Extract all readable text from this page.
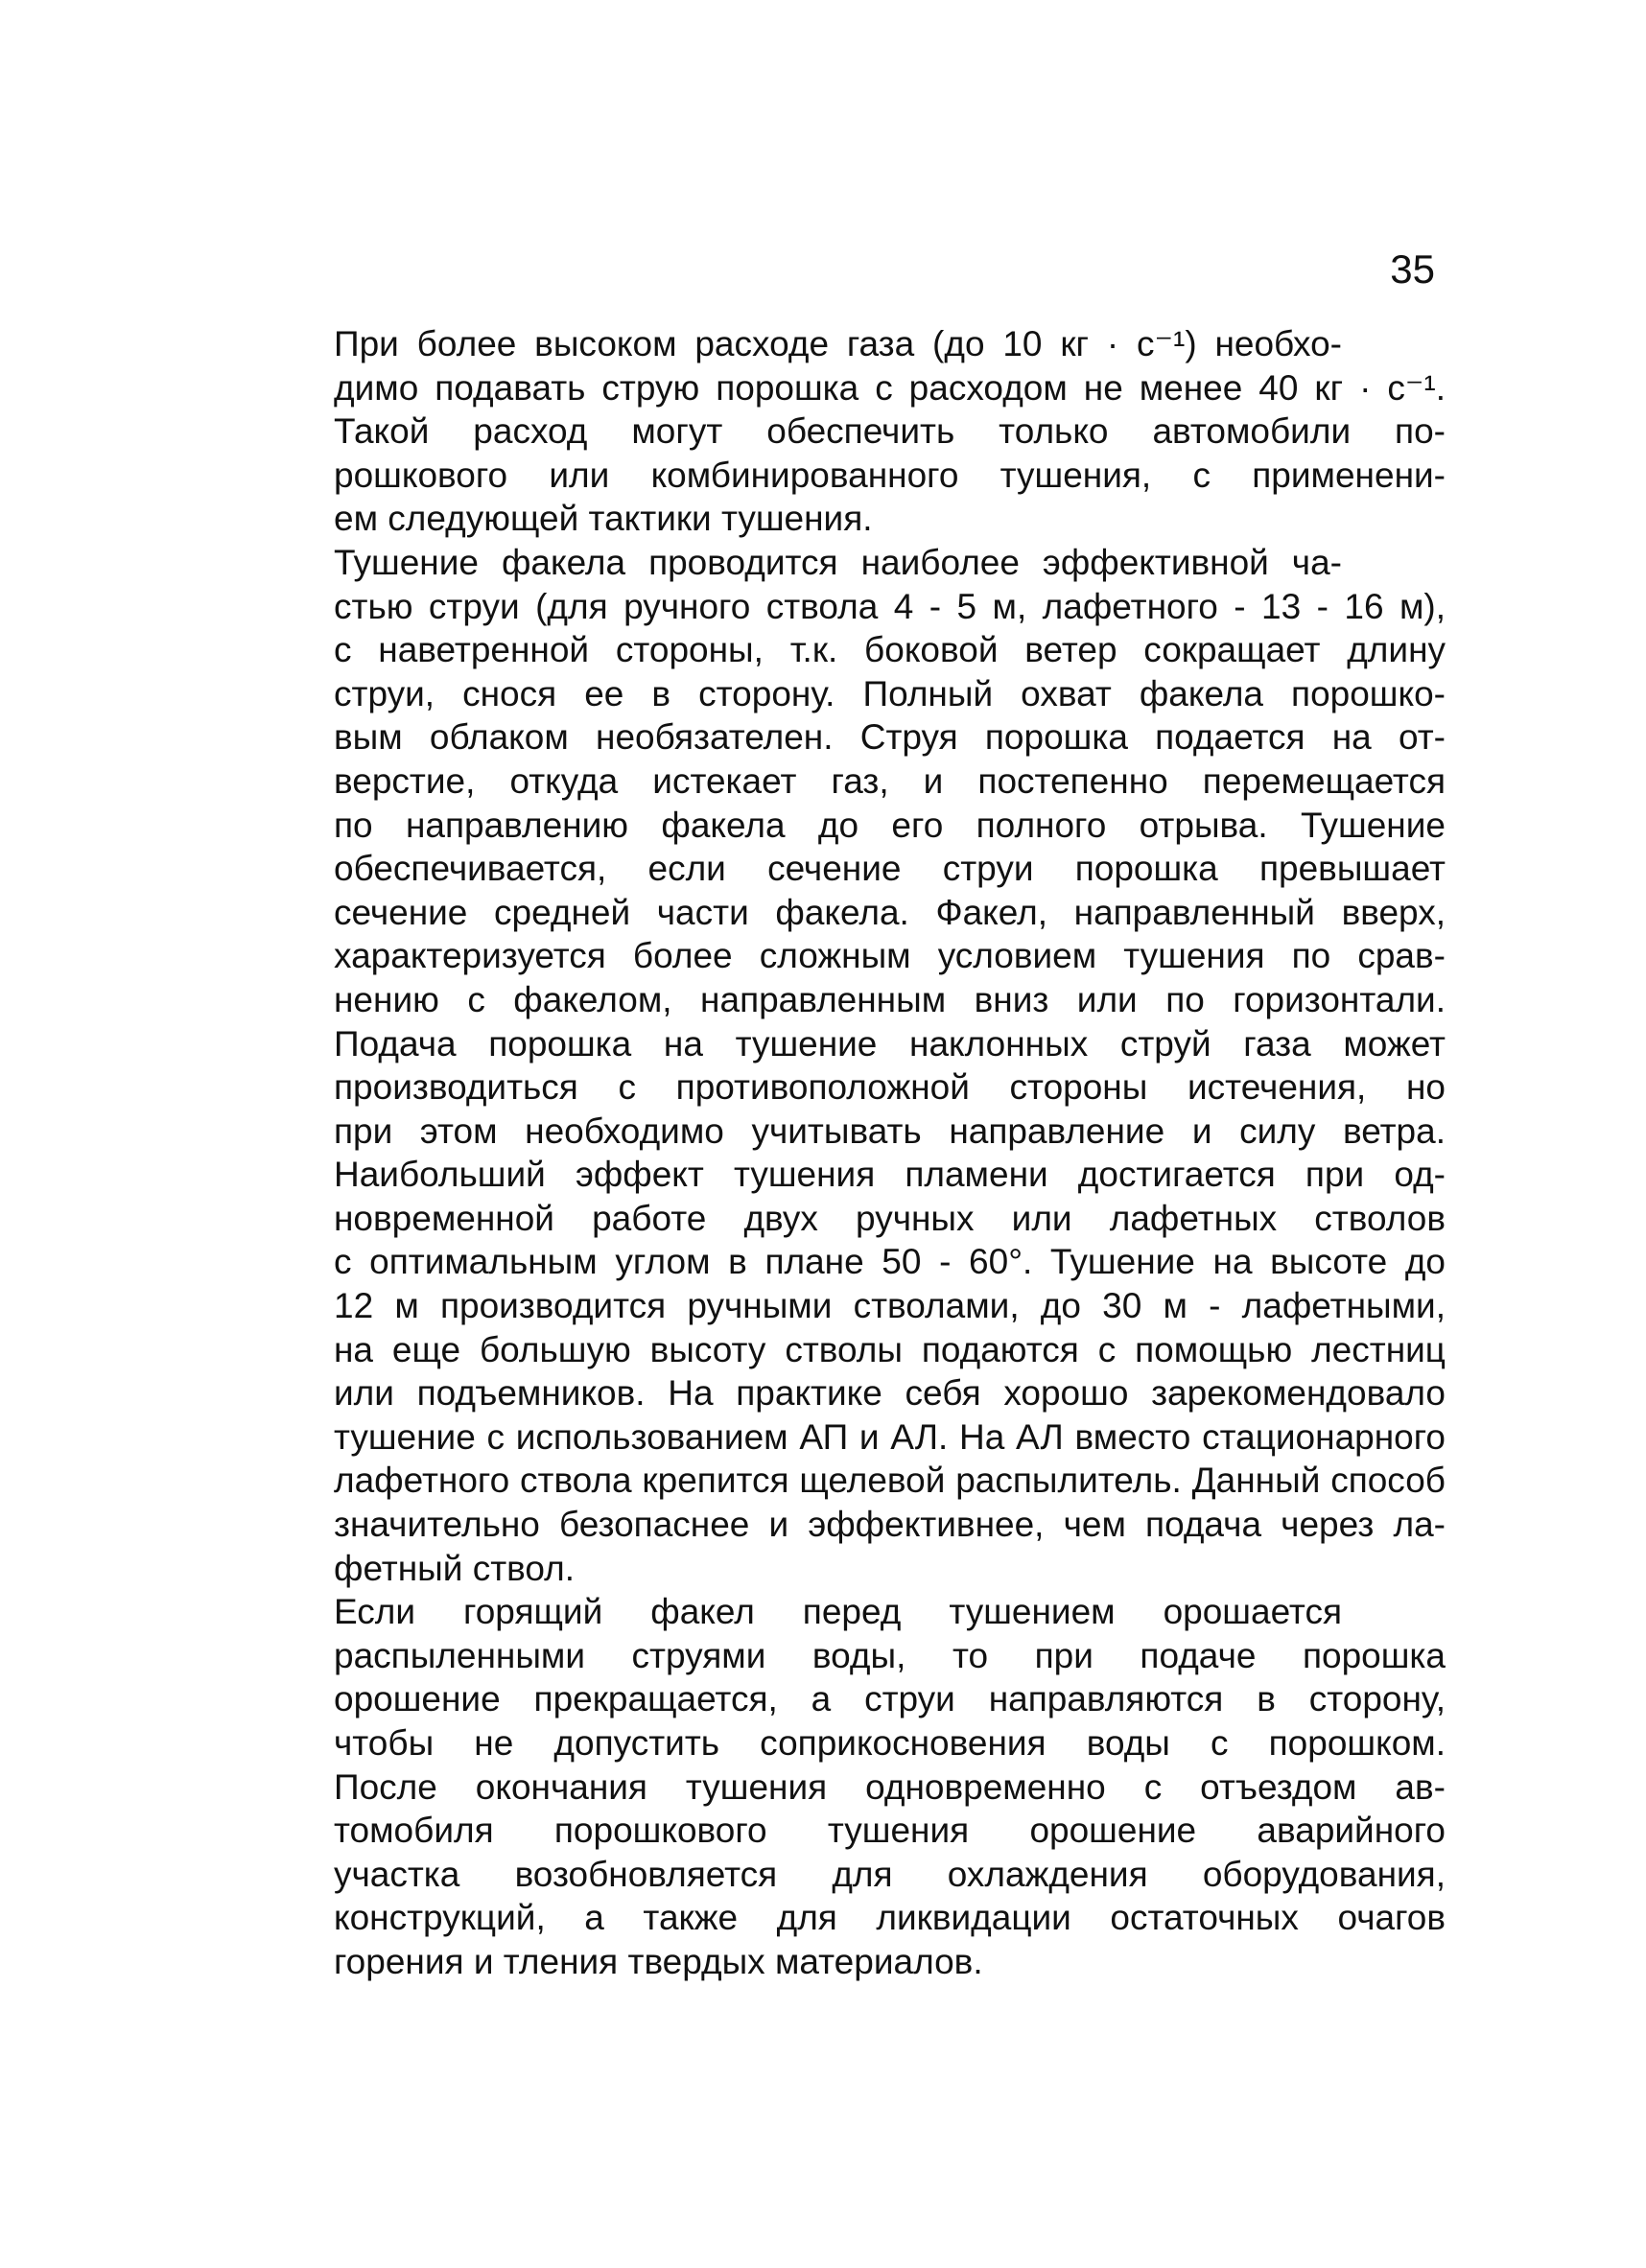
35

При более высоком расходе газа (до 10 кг · с⁻¹) необхо-
димо подавать струю порошка с расходом не менее 40 кг · с⁻¹.
Такой расход могут обеспечить только автомобили по-
рошкового или комбинированного тушения, с применени-
ем следующей тактики тушения.

Тушение факела проводится наиболее эффективной ча-
стью струи (для ручного ствола 4 - 5 м, лафетного - 13 - 16 м),
с наветренной стороны, т.к. боковой ветер сокращает длину
струи, снося ее в сторону. Полный охват факела порошко-
вым облаком необязателен. Струя порошка подается на от-
верстие, откуда истекает газ, и постепенно перемещается
по направлению факела до его полного отрыва. Тушение
обеспечивается, если сечение струи порошка превышает
сечение средней части факела. Факел, направленный вверх,
характеризуется более сложным условием тушения по срав-
нению с факелом, направленным вниз или по горизонтали.
Подача порошка на тушение наклонных струй газа может
производиться с противоположной стороны истечения, но
при этом необходимо учитывать направление и силу ветра.
Наибольший эффект тушения пламени достигается при од-
новременной работе двух ручных или лафетных стволов
с оптимальным углом в плане 50 - 60°. Тушение на высоте до
12 м производится ручными стволами, до 30 м - лафетными,
на еще большую высоту стволы подаются с помощью лестниц
или подъемников. На практике себя хорошо зарекомендовало
тушение с использованием АП и АЛ. На АЛ вместо стационарного
лафетного ствола крепится щелевой распылитель. Данный способ
значительно безопаснее и эффективнее, чем подача через ла-
фетный ствол.

Если горящий факел перед тушением орошается
распыленными струями воды, то при подаче порошка
орошение прекращается, а струи направляются в сторону,
чтобы не допустить соприкосновения воды с порошком.
После окончания тушения одновременно с отъездом ав-
томобиля порошкового тушения орошение аварийного
участка возобновляется для охлаждения оборудования,
конструкций, а также для ликвидации остаточных очагов
горения и тления твердых материалов.
